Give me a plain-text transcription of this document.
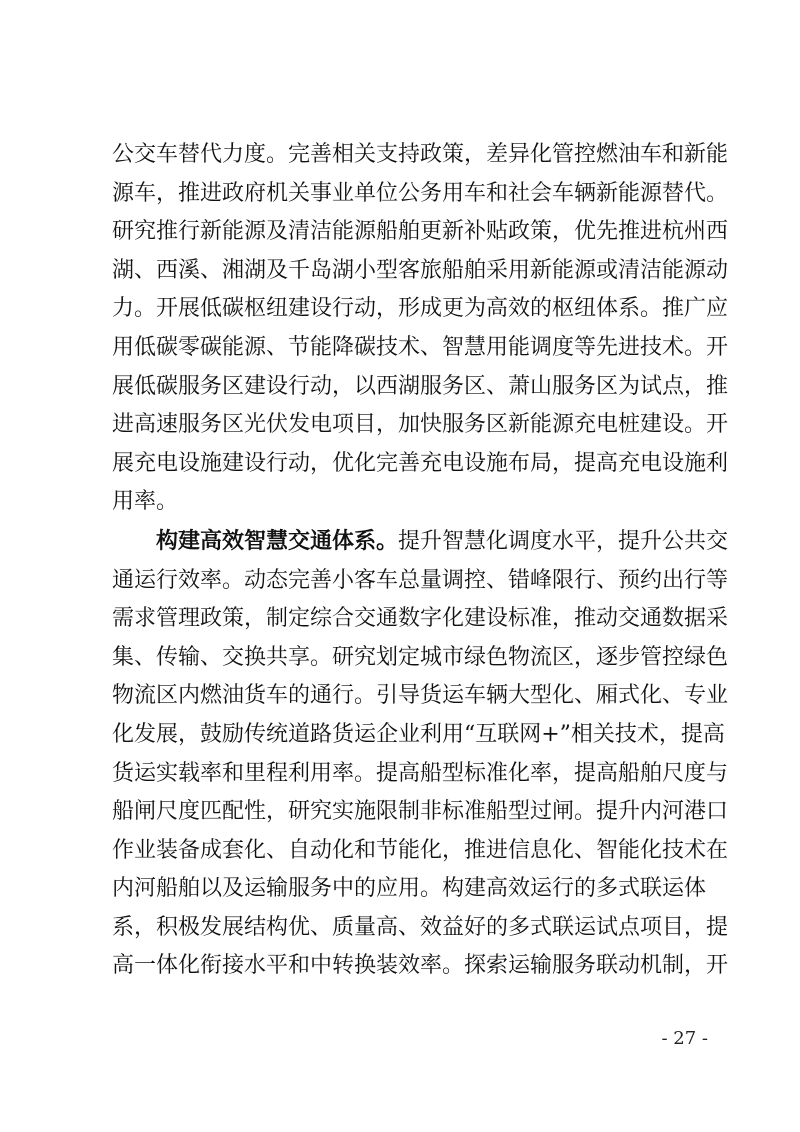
公交车替代力度。完善相关支持政策，差异化管控燃油车和新能
源车，推进政府机关事业单位公务用车和社会车辆新能源替代。
研究推行新能源及清洁能源船舶更新补贴政策，优先推进杭州西
湖、西溪、湘湖及千岛湖小型客旅船舶采用新能源或清洁能源动
力。开展低碳枢纽建设行动，形成更为高效的枢纽体系。推广应
用低碳零碳能源、节能降碳技术、智慧用能调度等先进技术。开
展低碳服务区建设行动，以西湖服务区、萧山服务区为试点，推
进高速服务区光伏发电项目，加快服务区新能源充电桩建设。开
展充电设施建设行动，优化完善充电设施布局，提高充电设施利
用率。
构建高效智慧交通体系。提升智慧化调度水平，提升公共交
通运行效率。动态完善小客车总量调控、错峰限行、预约出行等
需求管理政策，制定综合交通数字化建设标准，推动交通数据采
集、传输、交换共享。研究划定城市绿色物流区，逐步管控绿色
物流区内燃油货车的通行。引导货运车辆大型化、厢式化、专业
化发展，鼓励传统道路货运企业利用“互联网+”相关技术，提高
货运实载率和里程利用率。提高船型标准化率，提高船舶尺度与
船闸尺度匹配性，研究实施限制非标准船型过闸。提升内河港口
作业装备成套化、自动化和节能化，推进信息化、智能化技术在
内河船舶以及运输服务中的应用。构建高效运行的多式联运体
系，积极发展结构优、质量高、效益好的多式联运试点项目，提
高一体化衔接水平和中转换装效率。探索运输服务联动机制，开
- 27 -
